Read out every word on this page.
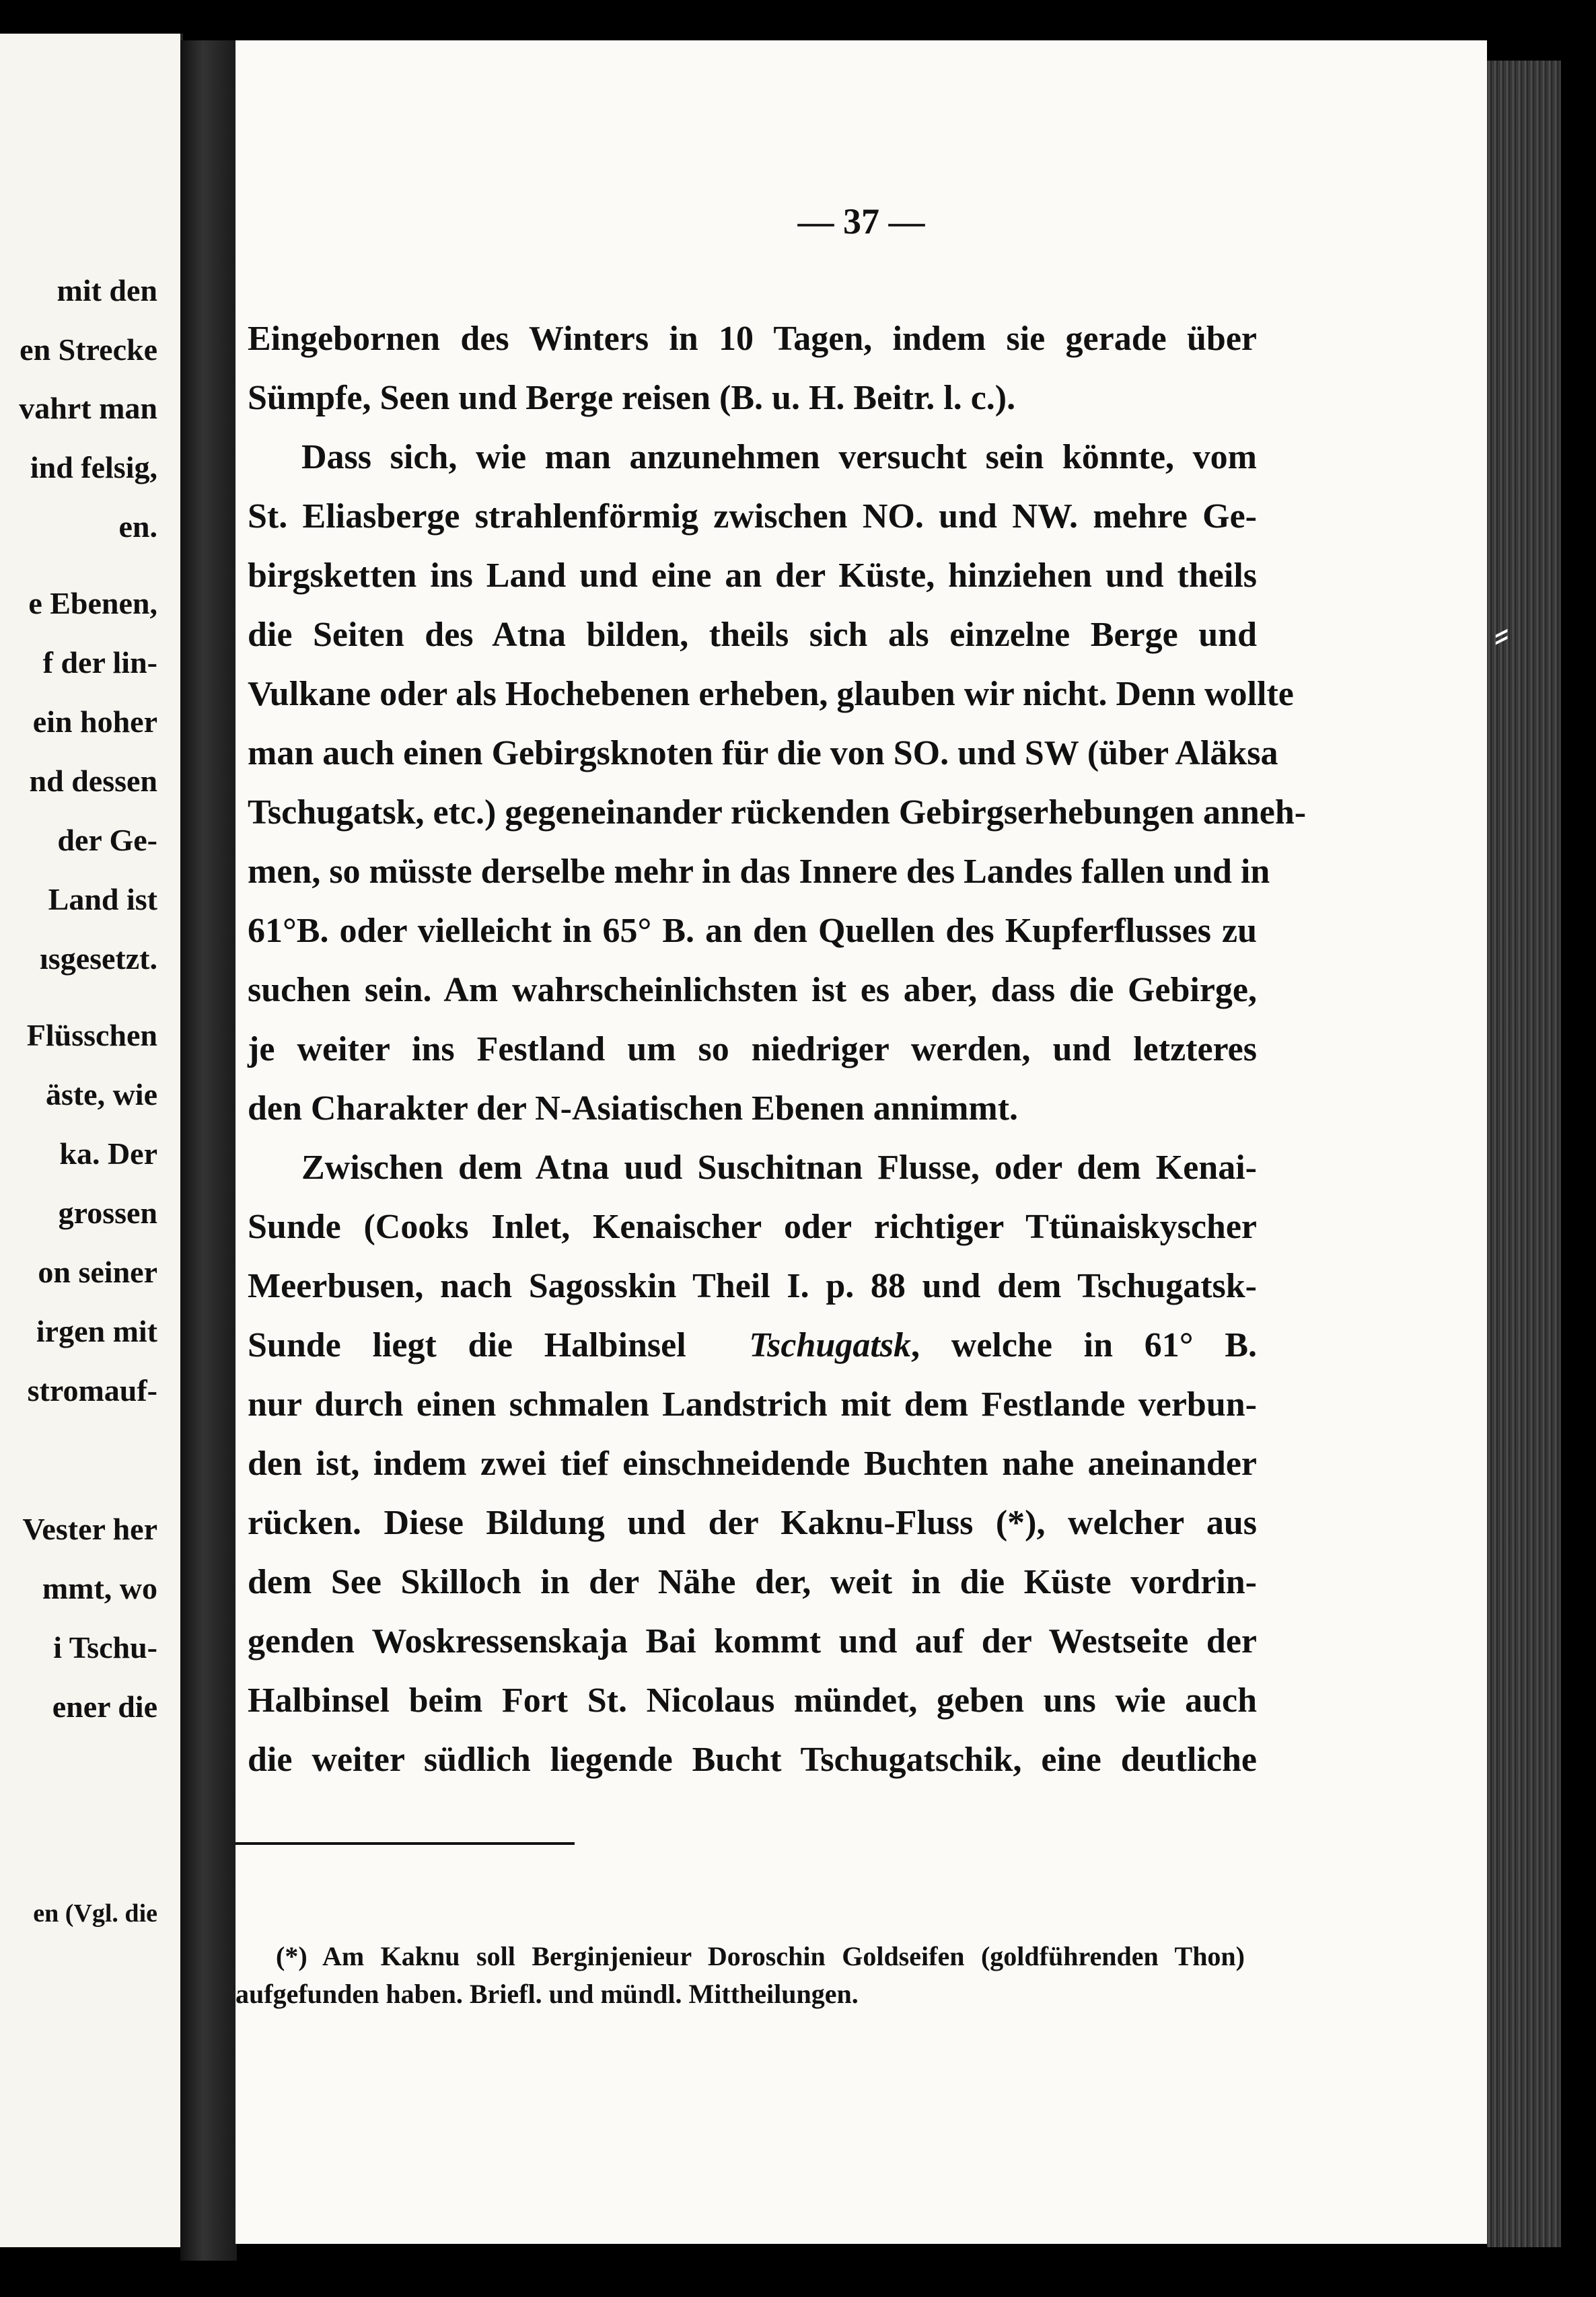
mit den
en Strecke
vahrt man
ind felsig,
en.
e Ebenen,
f der lin-
ein hoher
nd dessen
der Ge-
Land ist
ısgesetzt.
Flüsschen
äste, wie
ka. Der
grossen
on seiner
irgen mit
stromauf-
Vester her
mmt, wo
i Tschu-
ener die
en (Vgl. die
— 37 —
Eingebornen des Winters in 10 Tagen, indem sie gerade über
Sümpfe, Seen und Berge reisen (B. u. H. Beitr. l. c.).
Dass sich, wie man anzunehmen versucht sein könnte, vom
St. Eliasberge strahlenförmig zwischen NO. und NW. mehre Ge-
birgsketten ins Land und eine an der Küste, hinziehen und theils
die Seiten des Atna bilden, theils sich als einzelne Berge und
Vulkane oder als Hochebenen erheben, glauben wir nicht. Denn wollte
man auch einen Gebirgsknoten für die von SO. und SW (über Aläksa
Tschugatsk, etc.) gegeneinander rückenden Gebirgserhebungen anneh-
men, so müsste derselbe mehr in das Innere des Landes fallen und in
61°B. oder vielleicht in 65° B. an den Quellen des Kupferflusses zu
suchen sein. Am wahrscheinlichsten ist es aber, dass die Gebirge,
je weiter ins Festland um so niedriger werden, und letzteres
den Charakter der N-Asiatischen Ebenen annimmt.
Zwischen dem Atna uud Suschitnan Flusse, oder dem Kenai-
Sunde (Cooks Inlet, Kenaischer oder richtiger Ttünaiskyscher
Meerbusen, nach Sagosskin Theil I. p. 88 und dem Tschugatsk-
Sunde liegt die Halbinsel Tschugatsk, welche in 61° B.
nur durch einen schmalen Landstrich mit dem Festlande verbun-
den ist, indem zwei tief einschneidende Buchten nahe aneinander
rücken. Diese Bildung und der Kaknu-Fluss (*), welcher aus
dem See Skilloch in der Nähe der, weit in die Küste vordrin-
genden Woskressenskaja Bai kommt und auf der Westseite der
Halbinsel beim Fort St. Nicolaus mündet, geben uns wie auch
die weiter südlich liegende Bucht Tschugatschik, eine deutliche
(*) Am Kaknu soll Berginjenieur Doroschin Goldseifen (goldführenden Thon)
aufgefunden haben. Briefl. und mündl. Mittheilungen.
⸗
